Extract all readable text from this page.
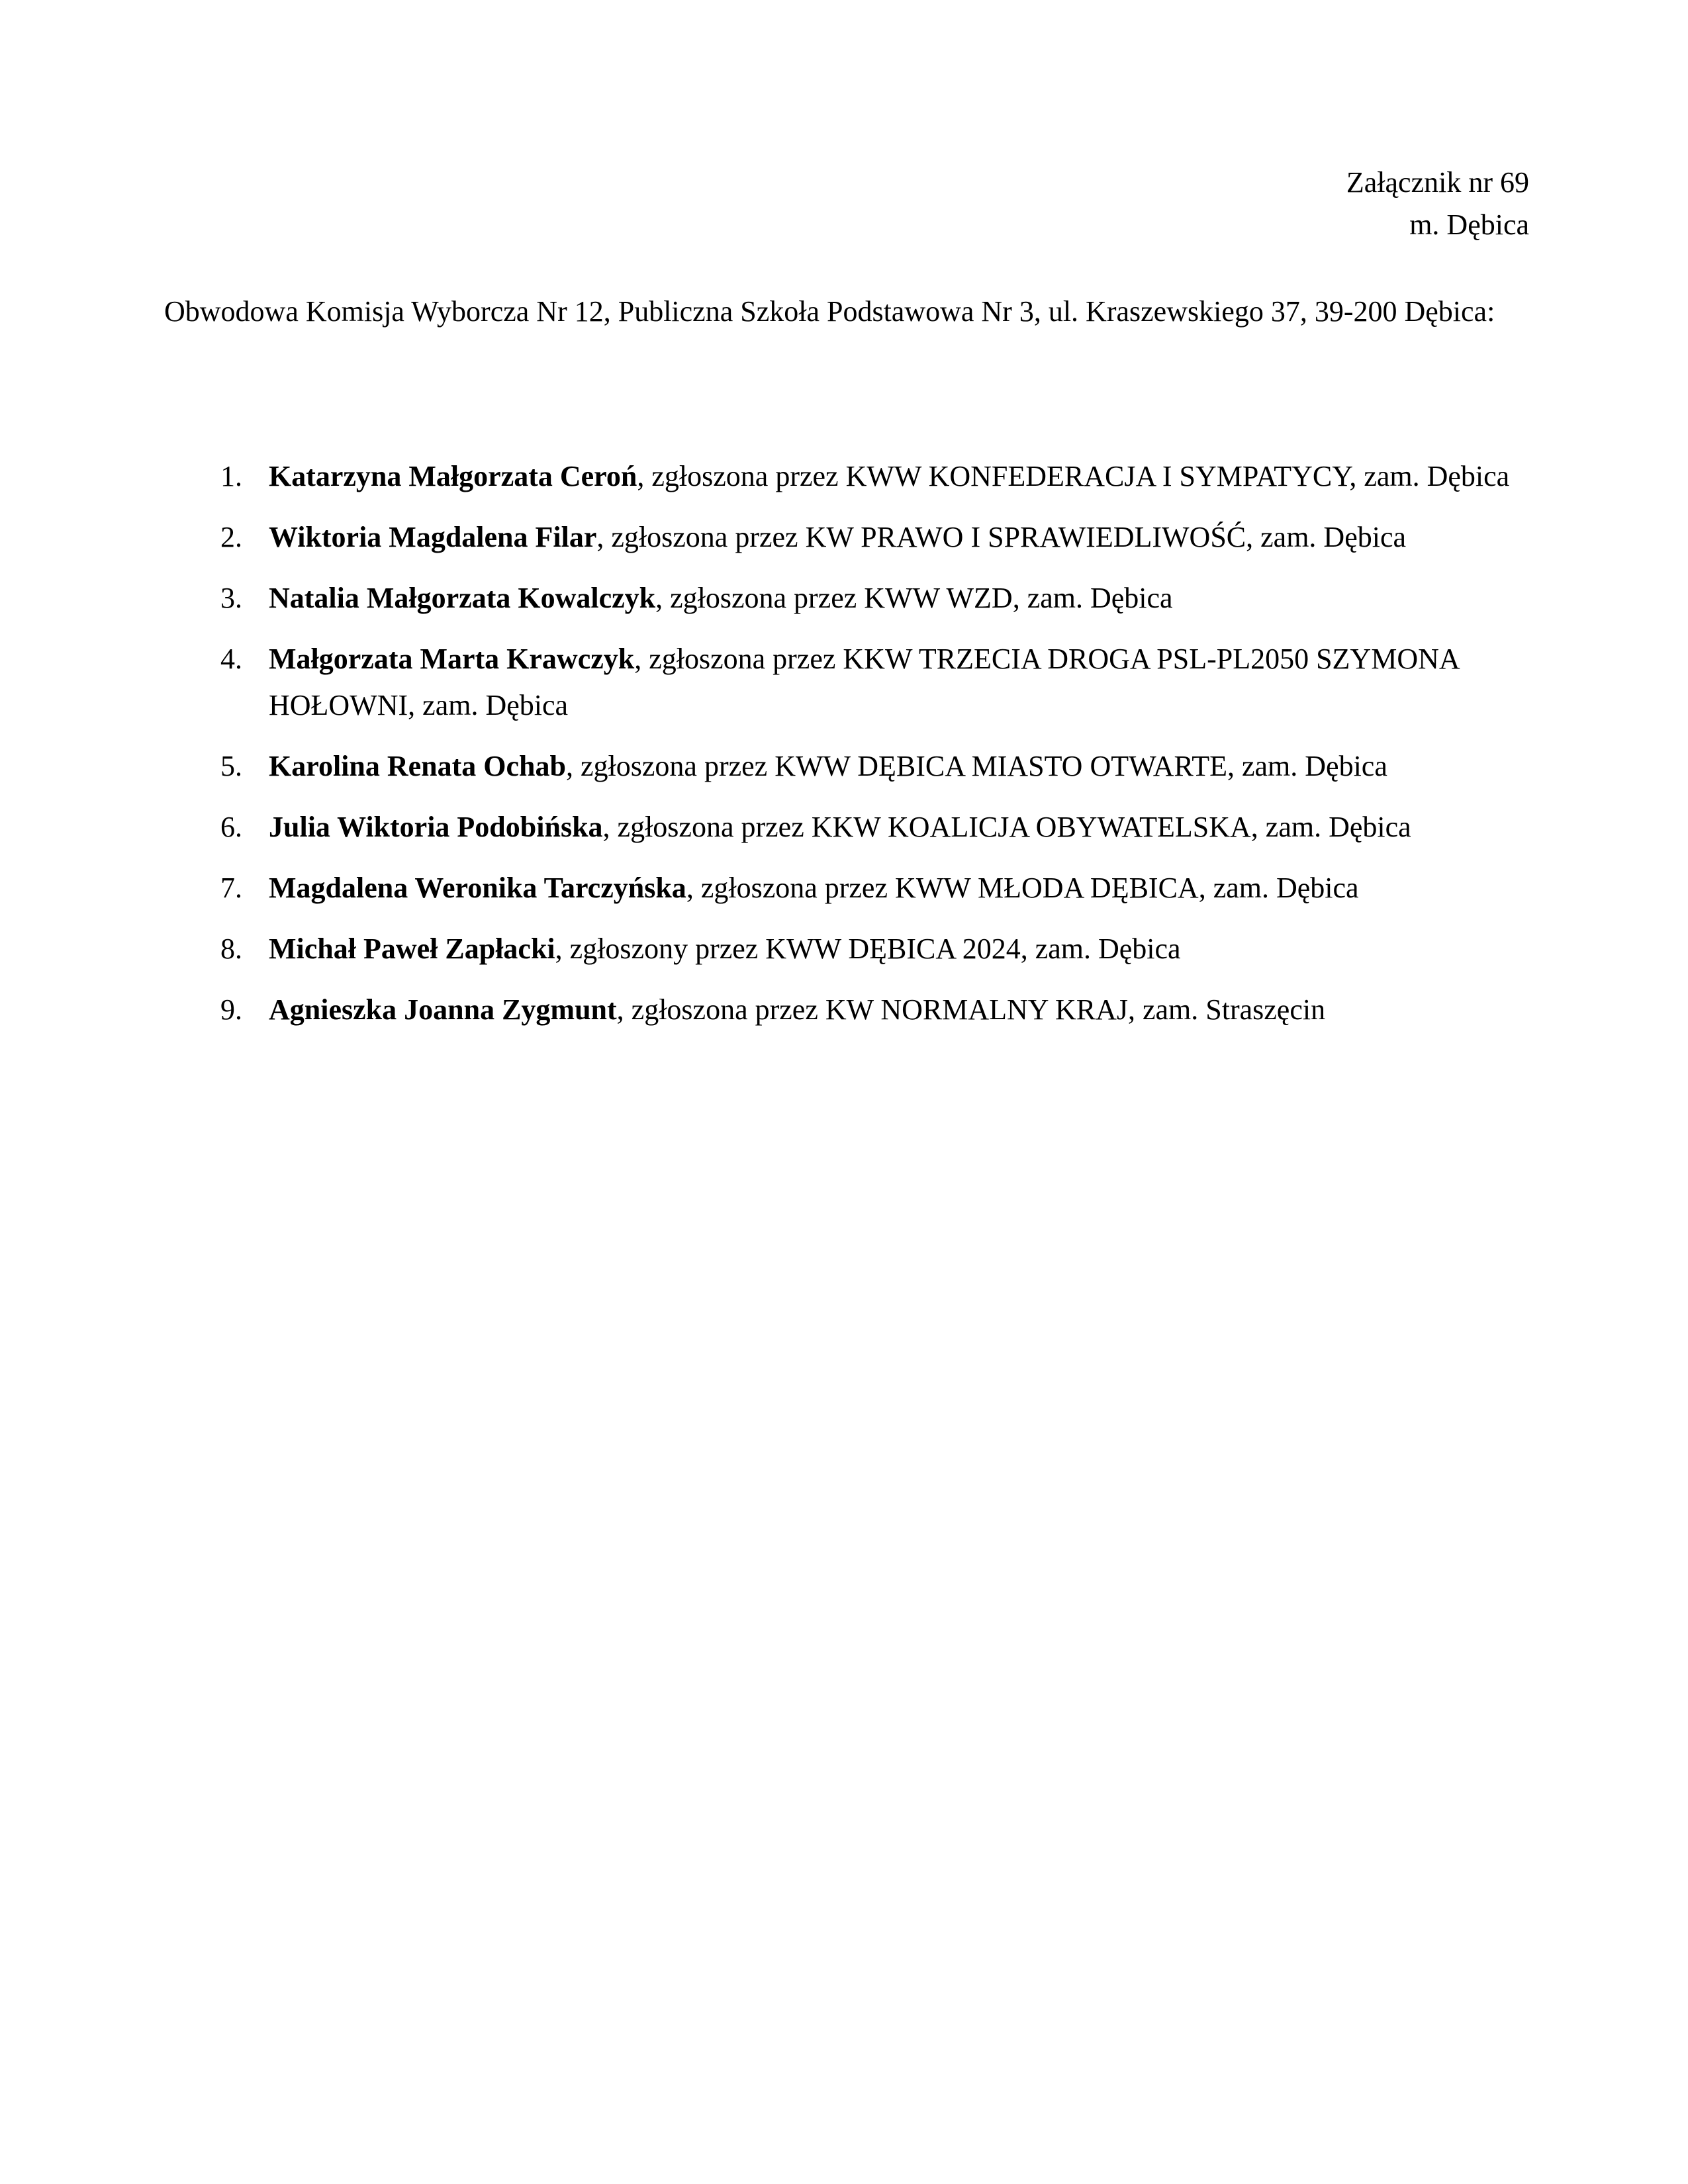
Załącznik nr 69
m. Dębica
Obwodowa Komisja Wyborcza Nr 12, Publiczna Szkoła Podstawowa Nr 3, ul. Kraszewskiego 37, 39-200 Dębica:
1. Katarzyna Małgorzata Ceroń, zgłoszona przez KWW KONFEDERACJA I SYMPATYCY, zam. Dębica
2. Wiktoria Magdalena Filar, zgłoszona przez KW PRAWO I SPRAWIEDLIWOŚĆ, zam. Dębica
3. Natalia Małgorzata Kowalczyk, zgłoszona przez KWW WZD, zam. Dębica
4. Małgorzata Marta Krawczyk, zgłoszona przez KKW TRZECIA DROGA PSL-PL2050 SZYMONA HOŁOWNI, zam. Dębica
5. Karolina Renata Ochab, zgłoszona przez KWW DĘBICA MIASTO OTWARTE, zam. Dębica
6. Julia Wiktoria Podobińska, zgłoszona przez KKW KOALICJA OBYWATELSKA, zam. Dębica
7. Magdalena Weronika Tarczyńska, zgłoszona przez KWW MŁODA DĘBICA, zam. Dębica
8. Michał Paweł Zapłacki, zgłoszony przez KWW DĘBICA 2024, zam. Dębica
9. Agnieszka Joanna Zygmunt, zgłoszona przez KW NORMALNY KRAJ, zam. Straszęcin
